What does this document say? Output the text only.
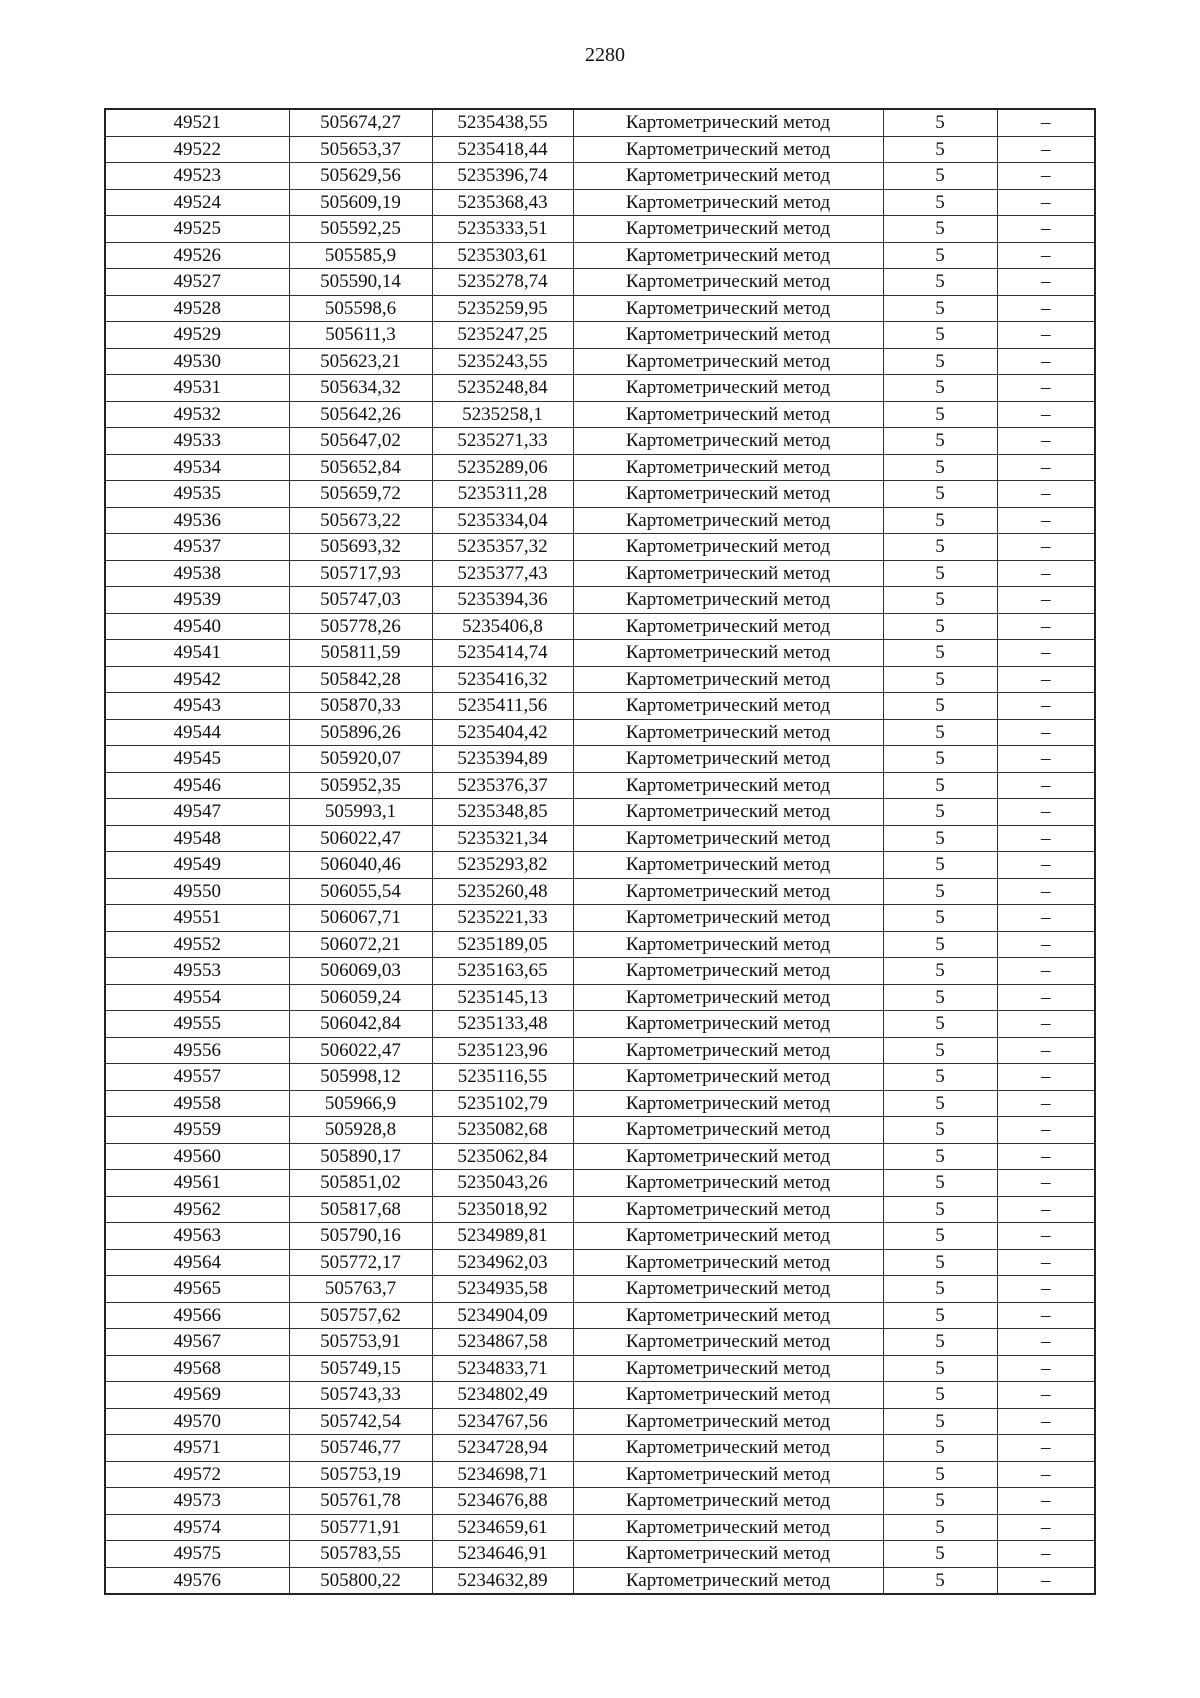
2280
49521	505674,27	5235438,55	Картометрический метод	5	–
49522	505653,37	5235418,44	Картометрический метод	5	–
49523	505629,56	5235396,74	Картометрический метод	5	–
49524	505609,19	5235368,43	Картометрический метод	5	–
49525	505592,25	5235333,51	Картометрический метод	5	–
49526	505585,9	5235303,61	Картометрический метод	5	–
49527	505590,14	5235278,74	Картометрический метод	5	–
49528	505598,6	5235259,95	Картометрический метод	5	–
49529	505611,3	5235247,25	Картометрический метод	5	–
49530	505623,21	5235243,55	Картометрический метод	5	–
49531	505634,32	5235248,84	Картометрический метод	5	–
49532	505642,26	5235258,1	Картометрический метод	5	–
49533	505647,02	5235271,33	Картометрический метод	5	–
49534	505652,84	5235289,06	Картометрический метод	5	–
49535	505659,72	5235311,28	Картометрический метод	5	–
49536	505673,22	5235334,04	Картометрический метод	5	–
49537	505693,32	5235357,32	Картометрический метод	5	–
49538	505717,93	5235377,43	Картометрический метод	5	–
49539	505747,03	5235394,36	Картометрический метод	5	–
49540	505778,26	5235406,8	Картометрический метод	5	–
49541	505811,59	5235414,74	Картометрический метод	5	–
49542	505842,28	5235416,32	Картометрический метод	5	–
49543	505870,33	5235411,56	Картометрический метод	5	–
49544	505896,26	5235404,42	Картометрический метод	5	–
49545	505920,07	5235394,89	Картометрический метод	5	–
49546	505952,35	5235376,37	Картометрический метод	5	–
49547	505993,1	5235348,85	Картометрический метод	5	–
49548	506022,47	5235321,34	Картометрический метод	5	–
49549	506040,46	5235293,82	Картометрический метод	5	–
49550	506055,54	5235260,48	Картометрический метод	5	–
49551	506067,71	5235221,33	Картометрический метод	5	–
49552	506072,21	5235189,05	Картометрический метод	5	–
49553	506069,03	5235163,65	Картометрический метод	5	–
49554	506059,24	5235145,13	Картометрический метод	5	–
49555	506042,84	5235133,48	Картометрический метод	5	–
49556	506022,47	5235123,96	Картометрический метод	5	–
49557	505998,12	5235116,55	Картометрический метод	5	–
49558	505966,9	5235102,79	Картометрический метод	5	–
49559	505928,8	5235082,68	Картометрический метод	5	–
49560	505890,17	5235062,84	Картометрический метод	5	–
49561	505851,02	5235043,26	Картометрический метод	5	–
49562	505817,68	5235018,92	Картометрический метод	5	–
49563	505790,16	5234989,81	Картометрический метод	5	–
49564	505772,17	5234962,03	Картометрический метод	5	–
49565	505763,7	5234935,58	Картометрический метод	5	–
49566	505757,62	5234904,09	Картометрический метод	5	–
49567	505753,91	5234867,58	Картометрический метод	5	–
49568	505749,15	5234833,71	Картометрический метод	5	–
49569	505743,33	5234802,49	Картометрический метод	5	–
49570	505742,54	5234767,56	Картометрический метод	5	–
49571	505746,77	5234728,94	Картометрический метод	5	–
49572	505753,19	5234698,71	Картометрический метод	5	–
49573	505761,78	5234676,88	Картометрический метод	5	–
49574	505771,91	5234659,61	Картометрический метод	5	–
49575	505783,55	5234646,91	Картометрический метод	5	–
49576	505800,22	5234632,89	Картометрический метод	5	–
